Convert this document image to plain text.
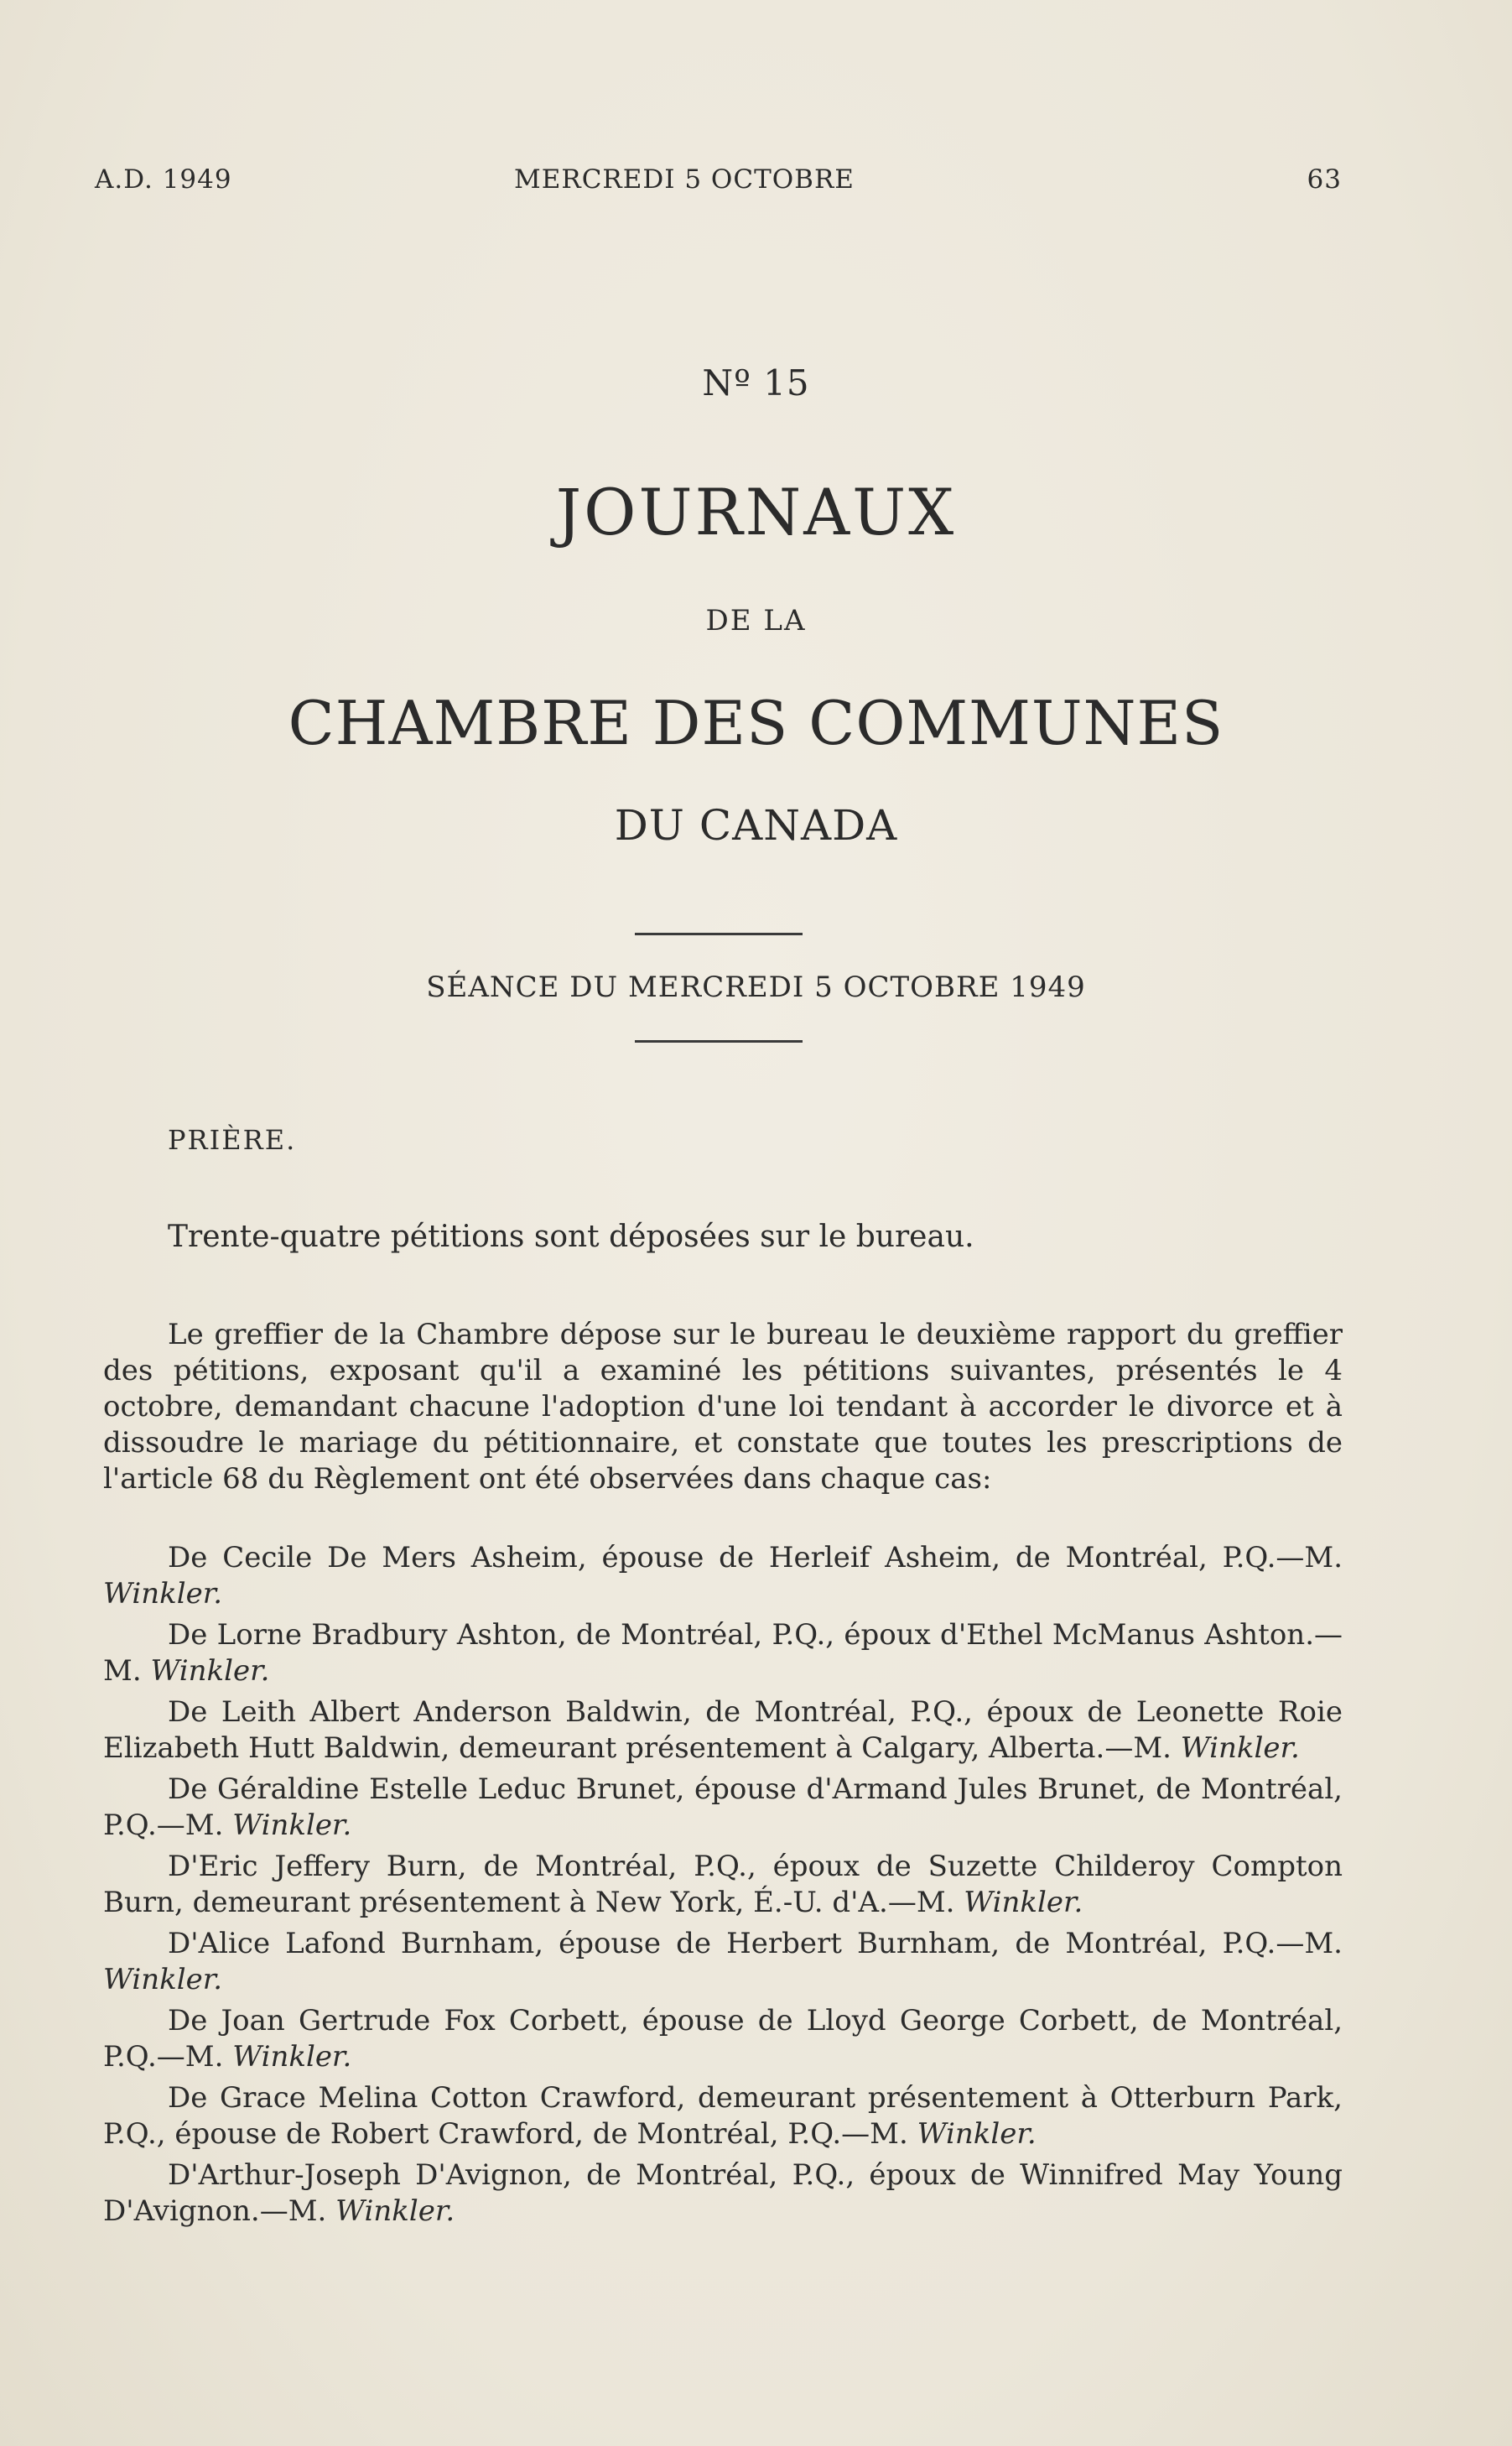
A.D. 1949	MERCREDI 5 OCTOBRE	63
Nº 15
JOURNAUX
DE LA
CHAMBRE DES COMMUNES
DU CANADA
SÉANCE DU MERCREDI 5 OCTOBRE 1949
PRIÈRE.
Trente-quatre pétitions sont déposées sur le bureau.
Le greffier de la Chambre dépose sur le bureau le deuxième rapport du greffier des pétitions, exposant qu'il a examiné les pétitions suivantes, présentés le 4 octobre, demandant chacune l'adoption d'une loi tendant à accorder le divorce et à dissoudre le mariage du pétitionnaire, et constate que toutes les prescriptions de l'article 68 du Règlement ont été observées dans chaque cas:

De Cecile De Mers Asheim, épouse de Herleif Asheim, de Montréal, P.Q.—M. Winkler.

De Lorne Bradbury Ashton, de Montréal, P.Q., époux d'Ethel McManus Ashton.—M. Winkler.

De Leith Albert Anderson Baldwin, de Montréal, P.Q., époux de Leonette Roie Elizabeth Hutt Baldwin, demeurant présentement à Calgary, Alberta.—M. Winkler.

De Géraldine Estelle Leduc Brunet, épouse d'Armand Jules Brunet, de Montréal, P.Q.—M. Winkler.

D'Eric Jeffery Burn, de Montréal, P.Q., époux de Suzette Childeroy Compton Burn, demeurant présentement à New York, É.-U. d'A.—M. Winkler.

D'Alice Lafond Burnham, épouse de Herbert Burnham, de Montréal, P.Q.—M. Winkler.

De Joan Gertrude Fox Corbett, épouse de Lloyd George Corbett, de Montréal, P.Q.—M. Winkler.

De Grace Melina Cotton Crawford, demeurant présentement à Otterburn Park, P.Q., épouse de Robert Crawford, de Montréal, P.Q.—M. Winkler.

D'Arthur-Joseph D'Avignon, de Montréal, P.Q., époux de Winnifred May Young D'Avignon.—M. Winkler.
